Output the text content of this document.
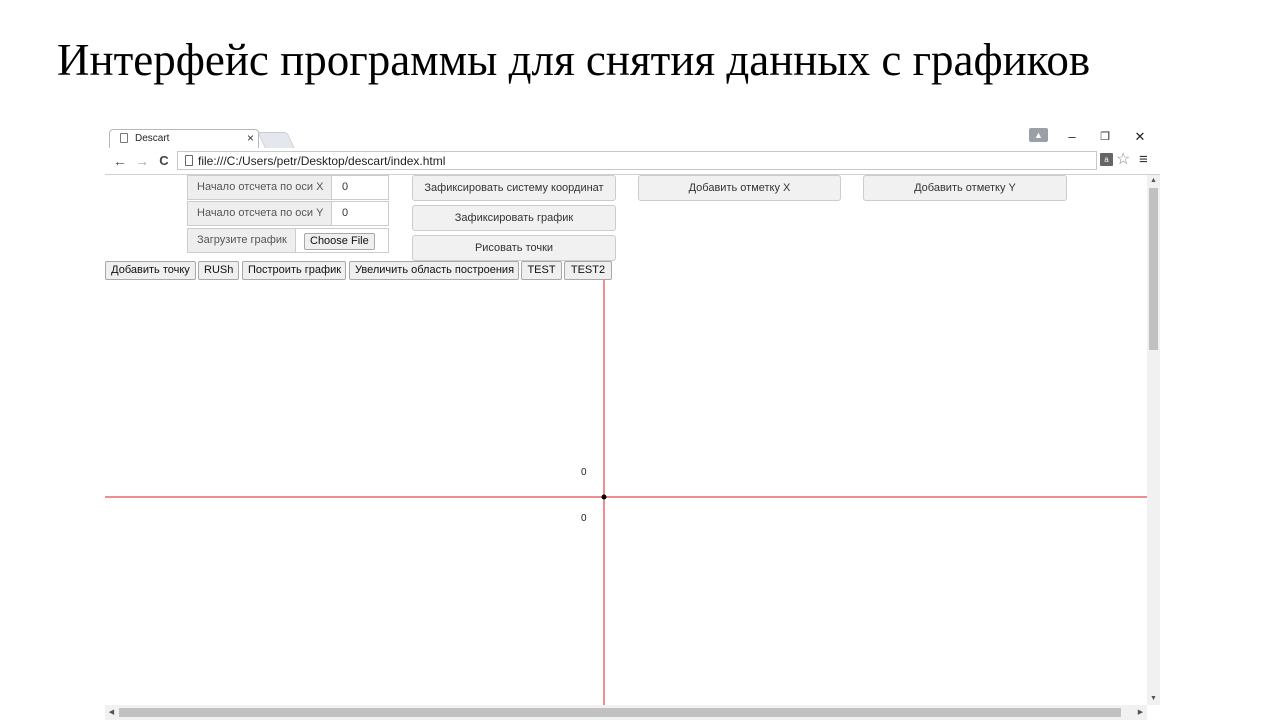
Интерфейс программы для снятия данных с графиков
Descart	×	▲	–	❐	✕
← → C	file:///C:/Users/petr/Desktop/descart/index.html	a ☆ ≡
0
0
Начало отсчета по оси X
0
Начало отсчета по оси Y
0
Загрузите график	Choose File
Зафиксировать систему координат
Зафиксировать график
Рисовать точки
Добавить отметку X	Добавить отметку Y
Добавить точку	RUSh	Построить график	Увеличить область построения	TEST	TEST2
▲
▼
◀	▶
